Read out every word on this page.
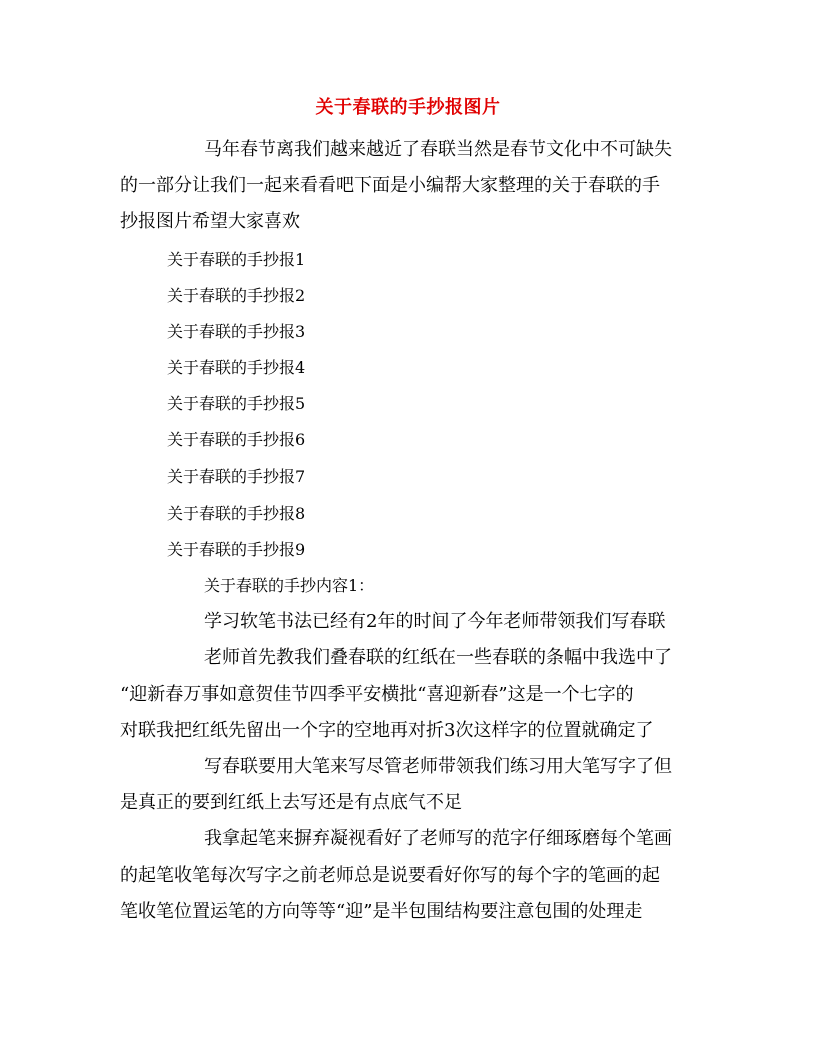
关于春联的手抄报图片
马年春节离我们越来越近了春联当然是春节文化中不可缺失
的一部分让我们一起来看看吧下面是小编帮大家整理的关于春联的手
抄报图片希望大家喜欢
关于春联的手抄报1
关于春联的手抄报2
关于春联的手抄报3
关于春联的手抄报4
关于春联的手抄报5
关于春联的手抄报6
关于春联的手抄报7
关于春联的手抄报8
关于春联的手抄报9
关于春联的手抄内容1：
学习软笔书法已经有2年的时间了今年老师带领我们写春联
老师首先教我们叠春联的红纸在一些春联的条幅中我选中了
“迎新春万事如意贺佳节四季平安横批“喜迎新春”这是一个七字的
对联我把红纸先留出一个字的空地再对折3次这样字的位置就确定了
写春联要用大笔来写尽管老师带领我们练习用大笔写字了但
是真正的要到红纸上去写还是有点底气不足
我拿起笔来摒弃凝视看好了老师写的范字仔细琢磨每个笔画
的起笔收笔每次写字之前老师总是说要看好你写的每个字的笔画的起
笔收笔位置运笔的方向等等“迎”是半包围结构要注意包围的处理走
